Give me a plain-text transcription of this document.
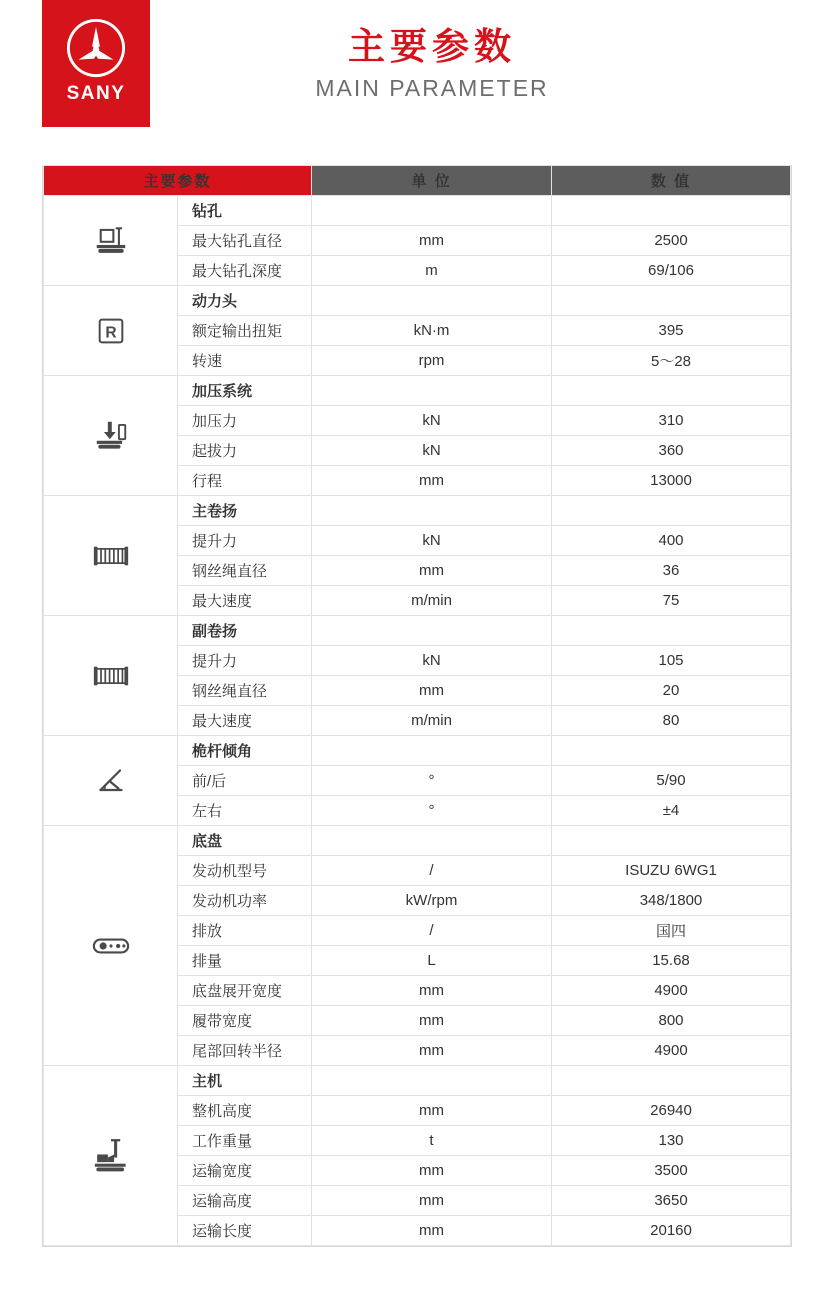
SANY
主要参数
MAIN PARAMETER
主要参数		单 位	数 值

	钻孔		
	最大钻孔直径	mm	2500
	最大钻孔深度	m	69/106

R	动力头		
	额定输出扭矩	kN·m	395
	转速	rpm	5～28

	加压系统		
	加压力	kN	310
	起拔力	kN	360
	行程	mm	13000

	主卷扬		
	提升力	kN	400
	钢丝绳直径	mm	36
	最大速度	m/min	75

	副卷扬		
	提升力	kN	105
	钢丝绳直径	mm	20
	最大速度	m/min	80

	桅杆倾角		
	前/后	°	5/90
	左右	°	±4

	底盘		
	发动机型号	/	ISUZU 6WG1
	发动机功率	kW/rpm	348/1800
	排放	/	国四
	排量	L	15.68
	底盘展开宽度	mm	4900
	履带宽度	mm	800
	尾部回转半径	mm	4900

	主机		
	整机高度	mm	26940
	工作重量	t	130
	运输宽度	mm	3500
	运输高度	mm	3650
	运输长度	mm	20160
